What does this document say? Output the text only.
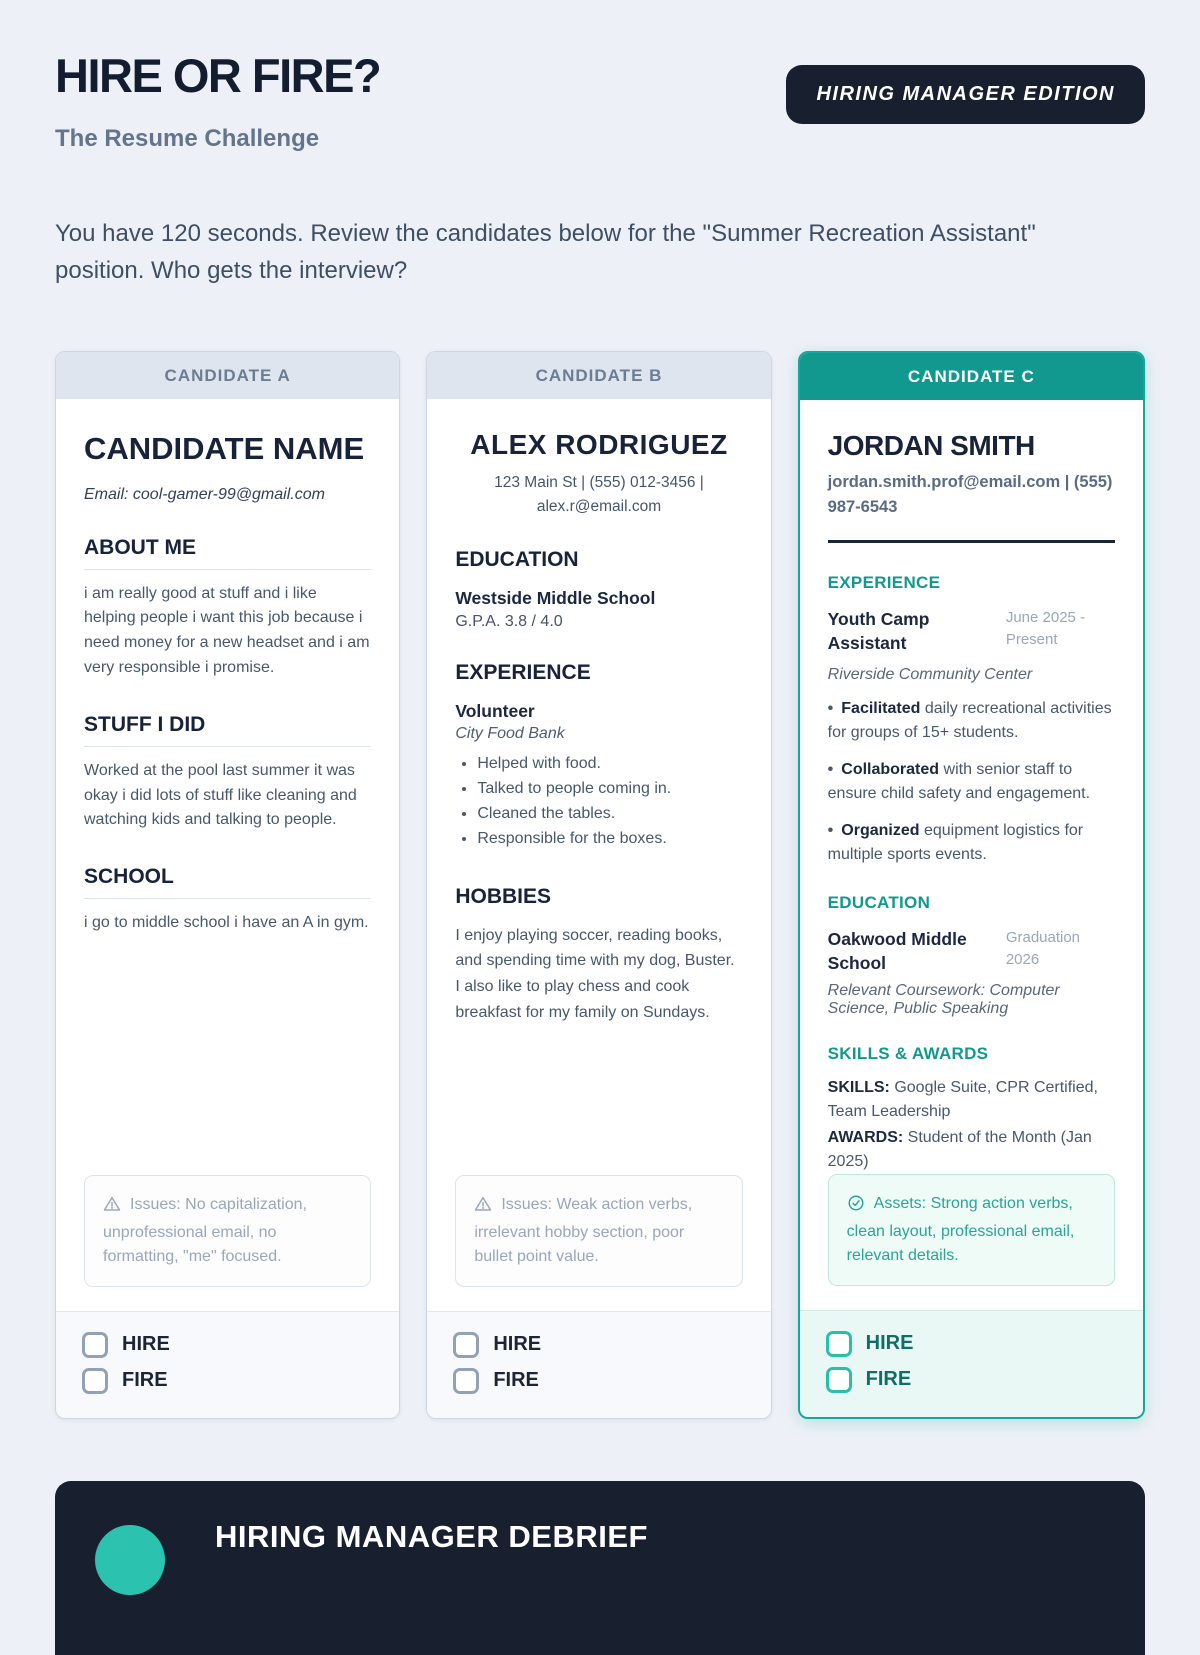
HIRE OR FIRE?
The Resume Challenge
HIRING MANAGER EDITION

You have 120 seconds. Review the candidates below for the "Summer Recreation Assistant" position. Who gets the interview?

CANDIDATE A
CANDIDATE NAME
Email: cool-gamer-99@gmail.com
ABOUT ME

i am really good at stuff and i like helping people i want this job because i need money for a new headset and i am very responsible i promise.

STUFF I DID

Worked at the pool last summer it was okay i did lots of stuff like cleaning and watching kids and talking to people.

SCHOOL

i go to middle school i have an A in gym.

Issues: No capitalization, unprofessional email, no formatting, "me" focused.
HIRE
FIRE
CANDIDATE B
ALEX RODRIGUEZ
123 Main St | (555) 012-3456 | alex.r@email.com
EDUCATION
Westside Middle School
G.P.A. 3.8 / 4.0
EXPERIENCE
Volunteer
City Food Bank
• Helped with food.
• Talked to people coming in.
• Cleaned the tables.
• Responsible for the boxes.
HOBBIES

I enjoy playing soccer, reading books, and spending time with my dog, Buster. I also like to play chess and cook breakfast for my family on Sundays.

Issues: Weak action verbs, irrelevant hobby section, poor bullet point value.
HIRE
FIRE
CANDIDATE C
JORDAN SMITH
jordan.smith.prof@email.com | (555) 987-6543
EXPERIENCE
Youth Camp Assistant
June 2025 - Present
Riverside Community Center

• Facilitated daily recreational activities for groups of 15+ students.

• Collaborated with senior staff to ensure child safety and engagement.

• Organized equipment logistics for multiple sports events.

EDUCATION
Oakwood Middle School
Graduation 2026
Relevant Coursework: Computer Science, Public Speaking
SKILLS & AWARDS

SKILLS: Google Suite, CPR Certified, Team Leadership

AWARDS: Student of the Month (Jan 2025)

Assets: Strong action verbs, clean layout, professional email, relevant details.
HIRE
FIRE
HIRING MANAGER DEBRIEF
